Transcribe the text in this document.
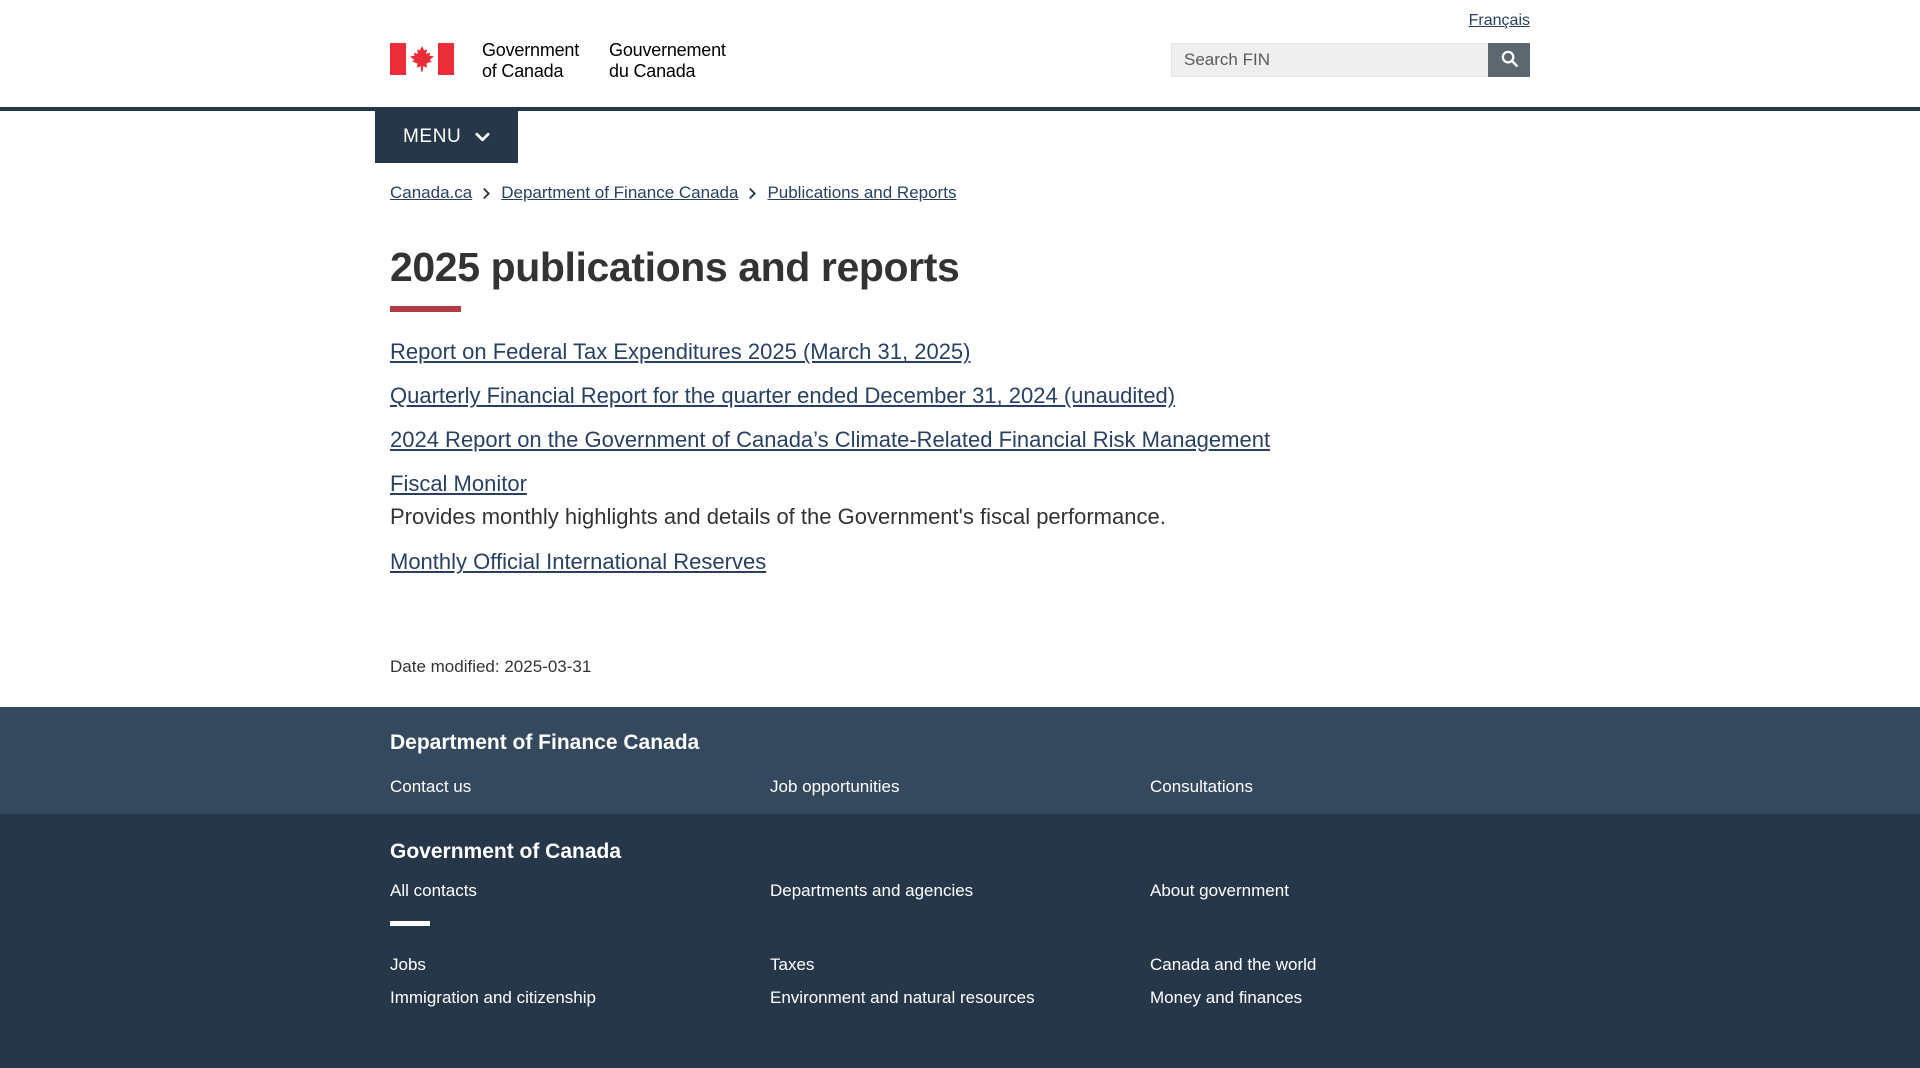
Government
of Canada
Gouvernement
du Canada
Français
Search FIN
MENU
Canada.ca Department of Finance Canada Publications and Reports
2025 publications and reports
Report on Federal Tax Expenditures 2025 (March 31, 2025)
Quarterly Financial Report for the quarter ended December 31, 2024 (unaudited)
2024 Report on the Government of Canada’s Climate-Related Financial Risk Management
Fiscal Monitor
Provides monthly highlights and details of the Government's fiscal performance.
Monthly Official International Reserves
Date modified: 2025-03-31
Department of Finance Canada
Contact us	Job opportunities	Consultations
Government of Canada
All contacts	Departments and agencies	About government
Jobs	Taxes	Canada and the world
Immigration and citizenship	Environment and natural resources	Money and finances
